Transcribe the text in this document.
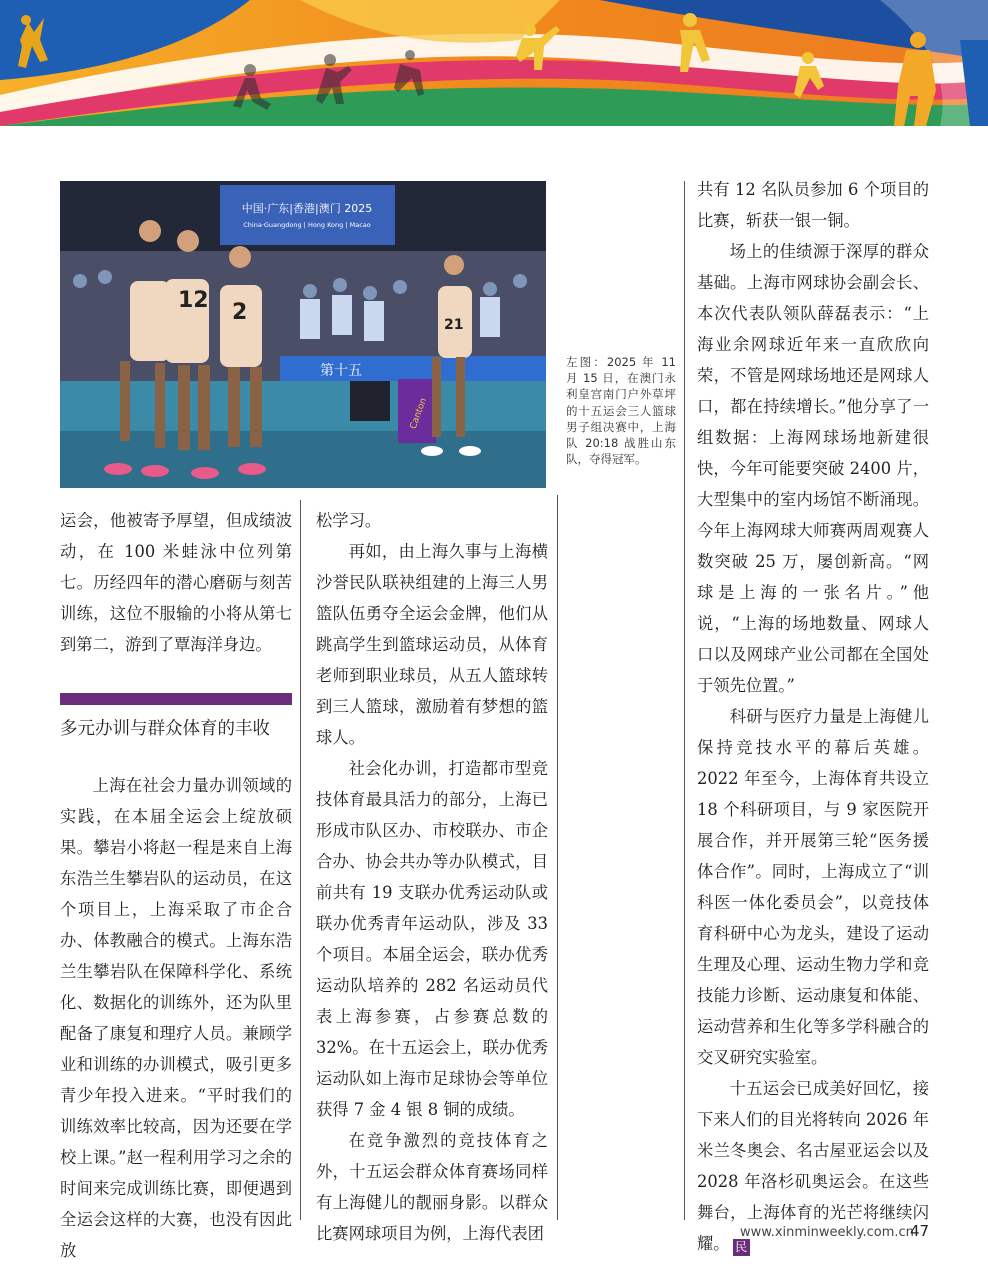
中国·广东|香港|澳门 2025
China·Guangdong | Hong Kong | Macao
第十五
Canton
12 2	21
左图：2025 年 11 月 15 日，在澳门永利皇宫南门户外草坪的十五运会三人篮球男子组决赛中，上海队 20:18 战胜山东队，夺得冠军。

运会，他被寄予厚望，但成绩波动，在 100 米蛙泳中位列第七。历经四年的潜心磨砺与刻苦训练，这位不服输的小将从第七到第二，游到了覃海洋身边。

多元办训与群众体育的丰收

上海在社会力量办训领域的实践，在本届全运会上绽放硕果。攀岩小将赵一程是来自上海东浩兰生攀岩队的运动员，在这个项目上，上海采取了市企合办、体教融合的模式。上海东浩兰生攀岩队在保障科学化、系统化、数据化的训练外，还为队里配备了康复和理疗人员。兼顾学业和训练的办训模式，吸引更多青少年投入进来。“平时我们的训练效率比较高，因为还要在学校上课。”赵一程利用学习之余的时间来完成训练比赛，即便遇到全运会这样的大赛，也没有因此放

松学习。

再如，由上海久事与上海横沙誉民队联袂组建的上海三人男篮队伍勇夺全运会金牌，他们从跳高学生到篮球运动员，从体育老师到职业球员，从五人篮球转到三人篮球，激励着有梦想的篮球人。

社会化办训，打造都市型竞技体育最具活力的部分，上海已形成市队区办、市校联办、市企合办、协会共办等办队模式，目前共有 19 支联办优秀运动队或联办优秀青年运动队，涉及 33 个项目。本届全运会，联办优秀运动队培养的 282 名运动员代表上海参赛，占参赛总数的 32%。在十五运会上，联办优秀运动队如上海市足球协会等单位获得 7 金 4 银 8 铜的成绩。

在竞争激烈的竞技体育之外，十五运会群众体育赛场同样有上海健儿的靓丽身影。以群众比赛网球项目为例，上海代表团

共有 12 名队员参加 6 个项目的比赛，斩获一银一铜。

场上的佳绩源于深厚的群众基础。上海市网球协会副会长、本次代表队领队薛磊表示：“上海业余网球近年来一直欣欣向荣，不管是网球场地还是网球人口，都在持续增长。”他分享了一组数据：上海网球场地新建很快，今年可能要突破 2400 片，大型集中的室内场馆不断涌现。今年上海网球大师赛两周观赛人数突破 25 万，屡创新高。“网球是上海的一张名片。”他说，“上海的场地数量、网球人口以及网球产业公司都在全国处于领先位置。”

科研与医疗力量是上海健儿保持竞技水平的幕后英雄。2022 年至今，上海体育共设立 18 个科研项目，与 9 家医院开展合作，并开展第三轮“医务援体合作”。同时，上海成立了“训科医一体化委员会”，以竞技体育科研中心为龙头，建设了运动生理及心理、运动生物力学和竞技能力诊断、运动康复和体能、运动营养和生化等多学科融合的交叉研究实验室。

十五运会已成美好回忆，接下来人们的目光将转向 2026 年米兰冬奥会、名古屋亚运会以及 2028 年洛杉矶奥运会。在这些舞台，上海体育的光芒将继续闪耀。 民

www.xinminweekly.com.cn
47
